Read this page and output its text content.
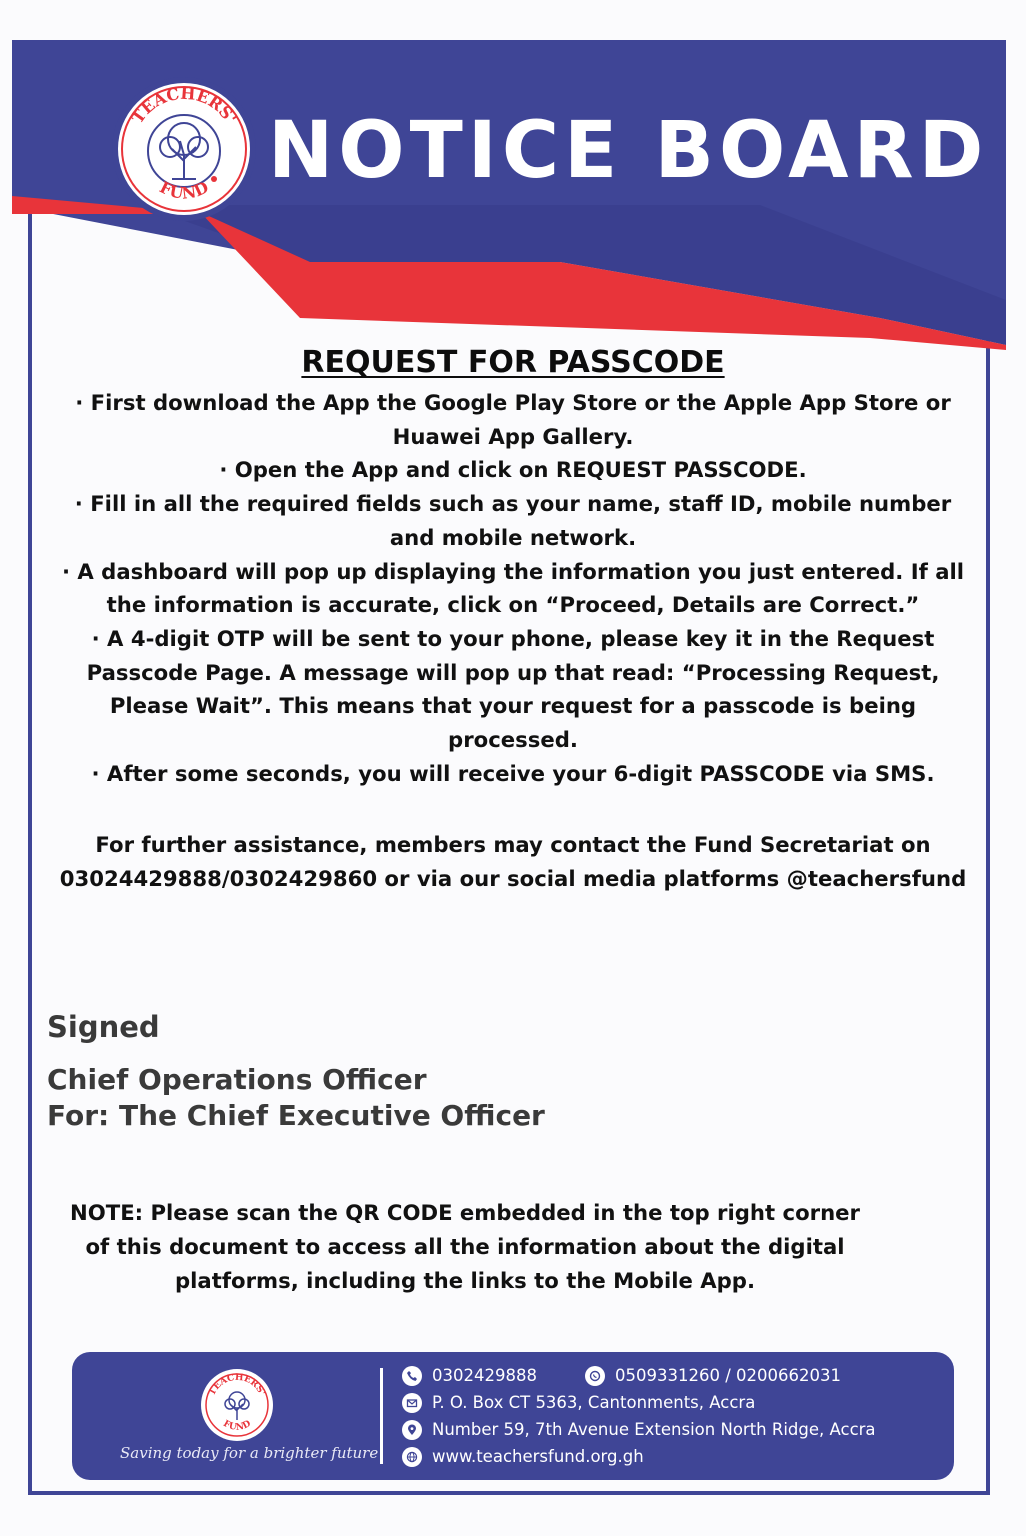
TEACHERS'
FUND NOTICE BOARD
REQUEST FOR PASSCODE

· First download the App the Google Play Store or the Apple App Store or Huawei App Gallery.

· Open the App and click on REQUEST PASSCODE.

· Fill in all the required fields such as your name, staff ID, mobile number and mobile network.

· A dashboard will pop up displaying the information you just entered. If all the information is accurate, click on “Proceed, Details are Correct.”

· A 4-digit OTP will be sent to your phone, please key it in the Request Passcode Page. A message will pop up that read: “Processing Request, Please Wait”. This means that your request for a passcode is being processed.

· After some seconds, you will receive your 6-digit PASSCODE via SMS.

For further assistance, members may contact the Fund Secretariat on 03024429888/0302429860 or via our social media platforms @teachersfund

Signed
Chief Operations Officer
For: The Chief Executive Officer
NOTE: Please scan the QR CODE embedded in the top right corner of this document to access all the information about the digital platforms, including the links to the Mobile App.
TEACHERS'
FUND
Saving today for a brighter future
0302429888	0509331260 / 0200662031
P. O. Box CT 5363, Cantonments, Accra
Number 59, 7th Avenue Extension North Ridge, Accra
www.teachersfund.org.gh
